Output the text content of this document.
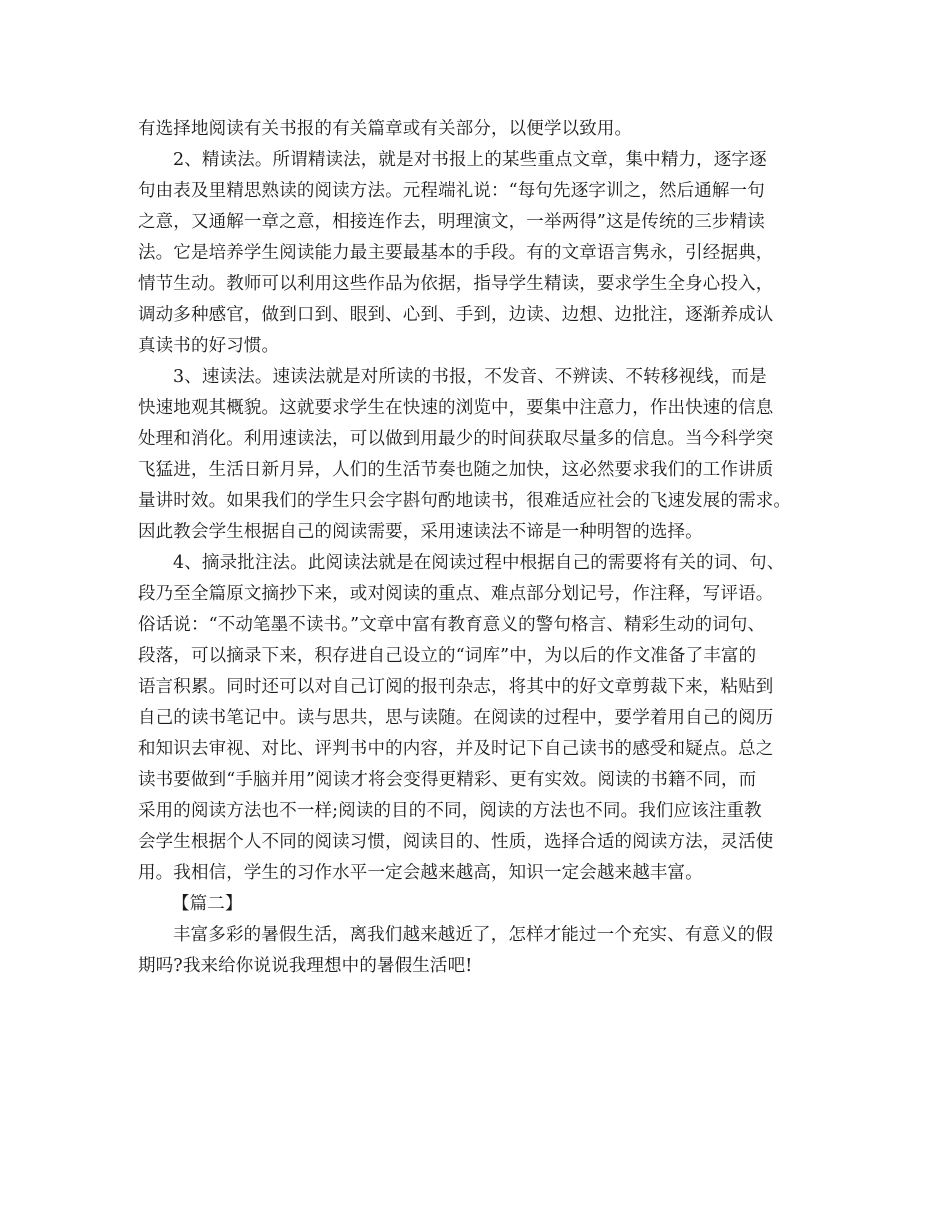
有选择地阅读有关书报的有关篇章或有关部分，以便学以致用。
2、精读法。所谓精读法，就是对书报上的某些重点文章，集中精力，逐字逐
句由表及里精思熟读的阅读方法。元程端礼说：“每句先逐字训之，然后通解一句
之意，又通解一章之意，相接连作去，明理演文，一举两得”这是传统的三步精读
法。它是培养学生阅读能力最主要最基本的手段。有的文章语言隽永，引经据典，
情节生动。教师可以利用这些作品为依据，指导学生精读，要求学生全身心投入，
调动多种感官，做到口到、眼到、心到、手到，边读、边想、边批注，逐渐养成认
真读书的好习惯。
3、速读法。速读法就是对所读的书报，不发音、不辨读、不转移视线，而是
快速地观其概貌。这就要求学生在快速的浏览中，要集中注意力，作出快速的信息
处理和消化。利用速读法，可以做到用最少的时间获取尽量多的信息。当今科学突
飞猛进，生活日新月异，人们的生活节奏也随之加快，这必然要求我们的工作讲质
量讲时效。如果我们的学生只会字斟句酌地读书，很难适应社会的飞速发展的需求。
因此教会学生根据自己的阅读需要，采用速读法不谛是一种明智的选择。
4、摘录批注法。此阅读法就是在阅读过程中根据自己的需要将有关的词、句、
段乃至全篇原文摘抄下来，或对阅读的重点、难点部分划记号，作注释，写评语。
俗话说：“不动笔墨不读书。”文章中富有教育意义的警句格言、精彩生动的词句、
段落，可以摘录下来，积存进自己设立的“词库”中，为以后的作文准备了丰富的
语言积累。同时还可以对自己订阅的报刊杂志，将其中的好文章剪裁下来，粘贴到
自己的读书笔记中。读与思共，思与读随。在阅读的过程中，要学着用自己的阅历
和知识去审视、对比、评判书中的内容，并及时记下自己读书的感受和疑点。总之
读书要做到“手脑并用”阅读才将会变得更精彩、更有实效。阅读的书籍不同，而
采用的阅读方法也不一样;阅读的目的不同，阅读的方法也不同。我们应该注重教
会学生根据个人不同的阅读习惯，阅读目的、性质，选择合适的阅读方法，灵活使
用。我相信，学生的习作水平一定会越来越高，知识一定会越来越丰富。
【篇二】
丰富多彩的暑假生活，离我们越来越近了，怎样才能过一个充实、有意义的假
期吗?我来给你说说我理想中的暑假生活吧!
